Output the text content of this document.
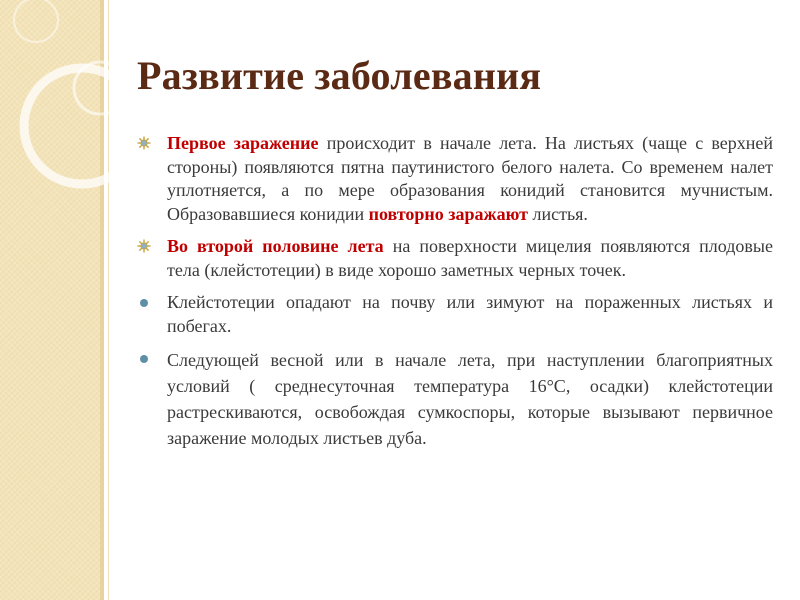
Развитие заболевания
Первое заражение происходит в начале лета. На листьях (чаще с верхней стороны) появляются пятна паутинистого белого налета. Со временем налет уплотняется, а по мере образования конидий становится мучнистым. Образовавшиеся конидии повторно заражают листья.
Во второй половине лета на поверхности мицелия появляются плодовые тела (клейстотеции) в виде хорошо заметных черных точек.
Клейстотеции опадают на почву или зимуют на пораженных листьях и побегах.
Следующей весной или в начале лета, при наступлении благоприятных условий ( среднесуточная температура 16°С, осадки) клейстотеции растрескиваются, освобождая сумкоспоры, которые вызывают первичное заражение молодых листьев дуба.
